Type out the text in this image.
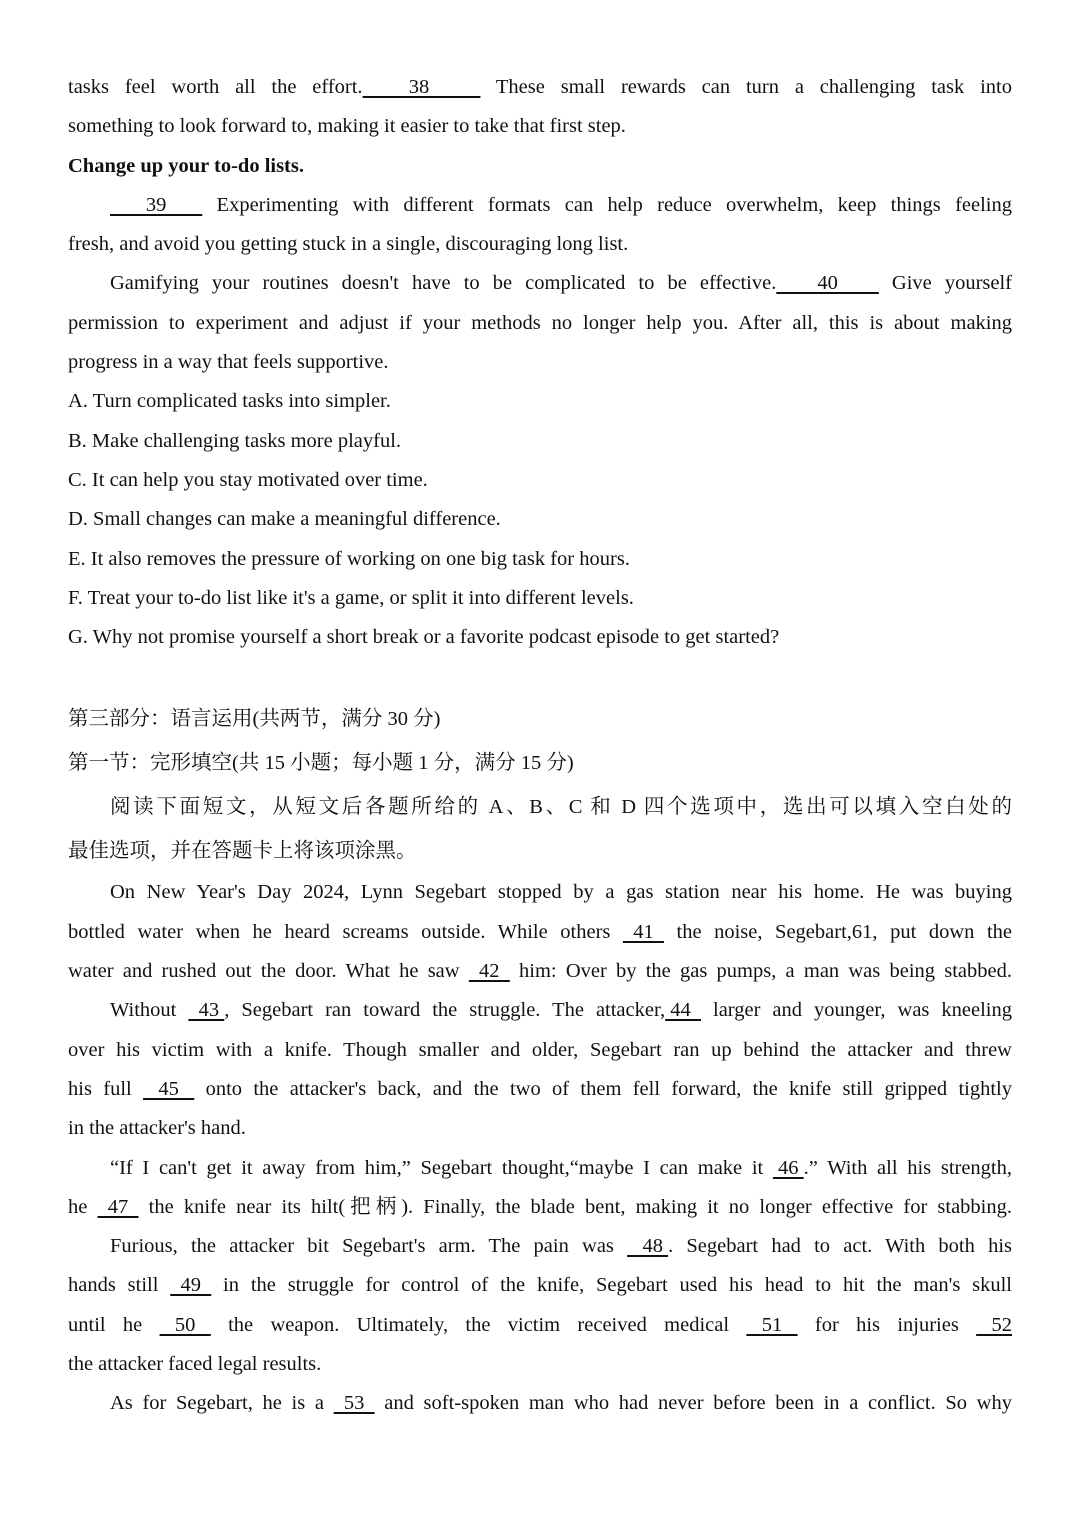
tasks feel worth all the effort.         38           These small rewards can turn a challenging task into
something to look forward to, making it easier to take that first step.
Change up your to-do lists.
39        Experimenting with different formats can help reduce overwhelm, keep things feeling
fresh, and avoid you getting stuck in a single, discouraging long list.
Gamifying your routines doesn't have to be complicated to be effective.        40         Give yourself
permission to experiment and adjust if your methods no longer help you. After all, this is about making
progress in a way that feels supportive.
A. Turn complicated tasks into simpler.
B. Make challenging tasks more playful.
C. It can help you stay motivated over time.
D. Small changes can make a meaningful difference.
E. It also removes the pressure of working on one big task for hours.
F. Treat your to-do list like it's a game, or split it into different levels.
G. Why not promise yourself a short break or a favorite podcast episode to get started?
第三部分：语言运用(共两节，满分 30 分)
第一节：完形填空(共 15 小题；每小题 1 分，满分 15 分)
阅读下面短文，从短文后各题所给的 A、B、C 和 D 四个选项中，选出可以填入空白处的
最佳选项，并在答题卡上将该项涂黑。
On New Year's Day 2024, Lynn Segebart stopped by a gas station near his home. He was buying
bottled water when he heard screams outside. While others   41   the noise, Segebart,61, put down the
water and rushed out the door. What he saw   42   him: Over by the gas pumps, a man was being stabbed.
Without   43 , Segebart ran toward the struggle. The attacker, 44   larger and younger, was kneeling
over his victim with a knife. Though smaller and older, Segebart ran up behind the attacker and threw
his full    45    onto the attacker's back, and the two of them fell forward, the knife still gripped tightly
in the attacker's hand.
“If I can't get it away from him,” Segebart thought,“maybe I can make it  46 .” With all his strength,
he   47   the knife near its hilt(把柄). Finally, the blade bent, making it no longer effective for stabbing.
Furious, the attacker bit Segebart's arm. The pain was    48 . Segebart had to act. With both his
hands still   49   in the struggle for control of the knife, Segebart used his head to hit the man's skull
until he    50    the weapon. Ultimately, the victim received medical    51    for his injuries    52
the attacker faced legal results.
As for Segebart, he is a   53   and soft-spoken man who had never before been in a conflict. So why
